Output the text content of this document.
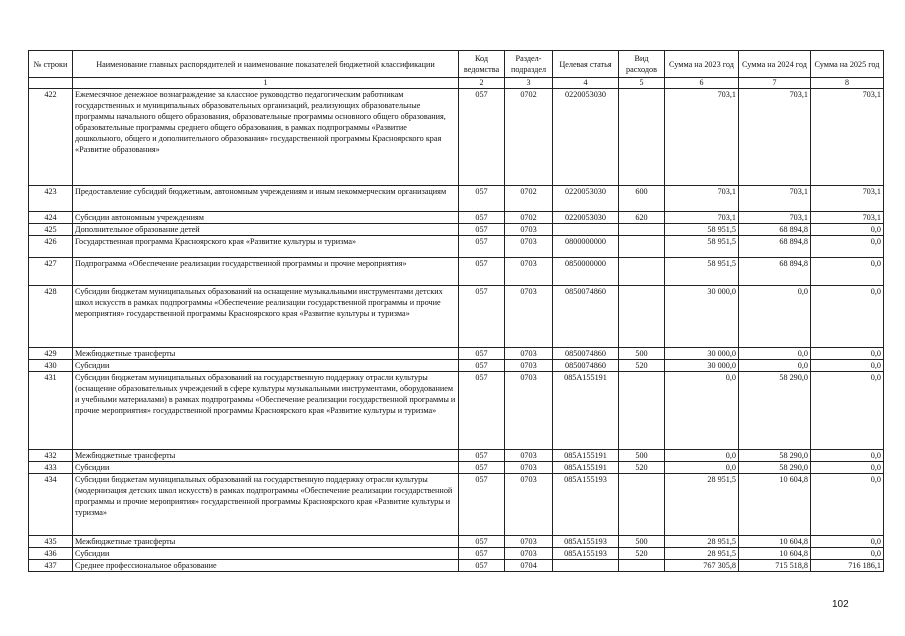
№ строки	Наименование главных распорядителей и наименование показателей бюджетной классификации	Код ведомства	Раздел-подраздел	Целевая статья	Вид расходов	Сумма на 2023 год	Сумма на 2024 год	Сумма на 2025 год
	1	2	3	4	5	6	7	8
422	Ежемесячное денежное вознаграждение за классное руководство педагогическим работникам государственных и муниципальных образовательных организаций, реализующих образовательные программы начального общего образования, образовательные программы основного общего образования, образовательные программы среднего общего образования, в рамках подпрограммы «Развитие дошкольного, общего и дополнительного образования» государственной программы Красноярского края «Развитие образования»	057	0702	0220053030		703,1	703,1	703,1
423	Предоставление субсидий бюджетным, автономным учреждениям и иным некоммерческим организациям	057	0702	0220053030	600	703,1	703,1	703,1
424	Субсидии автономным учреждениям	057	0702	0220053030	620	703,1	703,1	703,1
425	Дополнительное образование детей	057	0703			58 951,5	68 894,8	0,0
426	Государственная программа Красноярского края «Развитие культуры и туризма»	057	0703	0800000000		58 951,5	68 894,8	0,0
427	Подпрограмма «Обеспечение реализации государственной программы и прочие мероприятия»	057	0703	0850000000		58 951,5	68 894,8	0,0
428	Субсидии бюджетам муниципальных образований на оснащение музыкальными инструментами детских школ искусств в рамках подпрограммы «Обеспечение реализации государственной программы и прочие мероприятия» государственной программы Красноярского края «Развитие культуры и туризма»	057	0703	0850074860		30 000,0	0,0	0,0
429	Межбюджетные трансферты	057	0703	0850074860	500	30 000,0	0,0	0,0
430	Субсидии	057	0703	0850074860	520	30 000,0	0,0	0,0
431	Субсидии бюджетам муниципальных образований на государственную поддержку отрасли культуры (оснащение образовательных учреждений в сфере культуры музыкальными инструментами, оборудованием и учебными материалами) в рамках подпрограммы «Обеспечение реализации государственной программы и прочие мероприятия» государственной программы Красноярского края «Развитие культуры и туризма»	057	0703	085A155191		0,0	58 290,0	0,0
432	Межбюджетные трансферты	057	0703	085A155191	500	0,0	58 290,0	0,0
433	Субсидии	057	0703	085A155191	520	0,0	58 290,0	0,0
434	Субсидии бюджетам муниципальных образований на государственную поддержку отрасли культуры (модернизация детских школ искусств) в рамках подпрограммы «Обеспечение реализации государственной программы и прочие мероприятия» государственной программы Красноярского края «Развитие культуры и туризма»	057	0703	085A155193		28 951,5	10 604,8	0,0
435	Межбюджетные трансферты	057	0703	085A155193	500	28 951,5	10 604,8	0,0
436	Субсидии	057	0703	085A155193	520	28 951,5	10 604,8	0,0
437	Среднее профессиональное образование	057	0704			767 305,8	715 518,8	716 186,1
102
